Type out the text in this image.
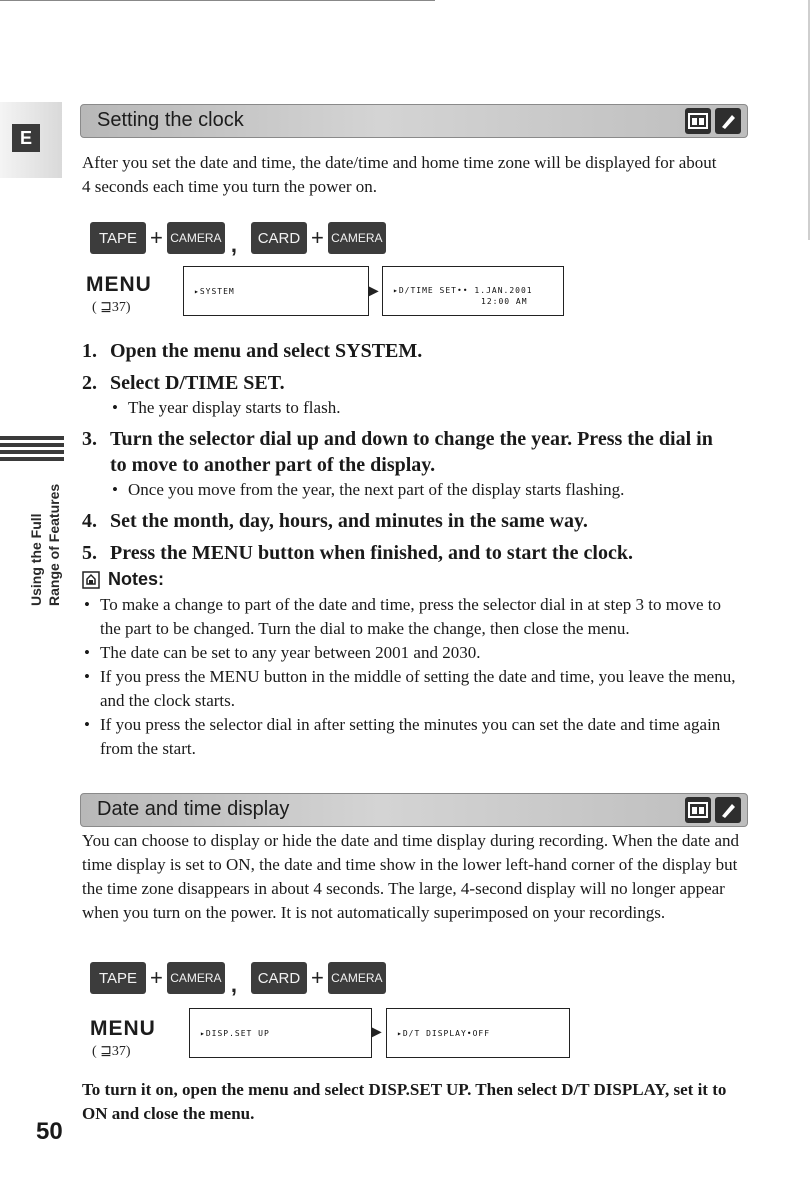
E
Setting the clock

After you set the date and time, the date/time and home time zone will be displayed for about 4 seconds each time you turn the power on.

TAPE + CAMERA ,	CARD + CAMERA
MENU
( ⊒37)
▸SYSTEM	▶ ▸D/TIME SET•• 1.JAN.2001
12:00 AM
1. Open the menu and select SYSTEM.
2. Select D/TIME SET.
• The year display starts to flash.
3. Turn the selector dial up and down to change the year. Press the dial in to move to another part of the display.
• Once you move from the year, the next part of the display starts flashing.
4. Set the month, day, hours, and minutes in the same way.
5. Press the MENU button when finished, and to start the clock.
Using the Full Range of Features	Notes:
• To make a change to part of the date and time, press the selector dial in at step 3 to move to the part to be changed. Turn the dial to make the change, then close the menu.
• The date can be set to any year between 2001 and 2030.
• If you press the MENU button in the middle of setting the date and time, you leave the menu, and the clock starts.
• If you press the selector dial in after setting the minutes you can set the date and time again from the start.
Date and time display

You can choose to display or hide the date and time display during recording. When the date and time display is set to ON, the date and time show in the lower left-hand corner of the display but the time zone disappears in about 4 seconds. The large, 4-second display will no longer appear when you turn on the power. It is not automatically superimposed on your recordings.

TAPE + CAMERA ,	CARD + CAMERA
MENU
( ⊒37)
▸DISP.SET UP	▶	▸D/T DISPLAY•OFF

To turn it on, open the menu and select DISP.SET UP. Then select D/T DISPLAY, set it to ON and close the menu.

50
